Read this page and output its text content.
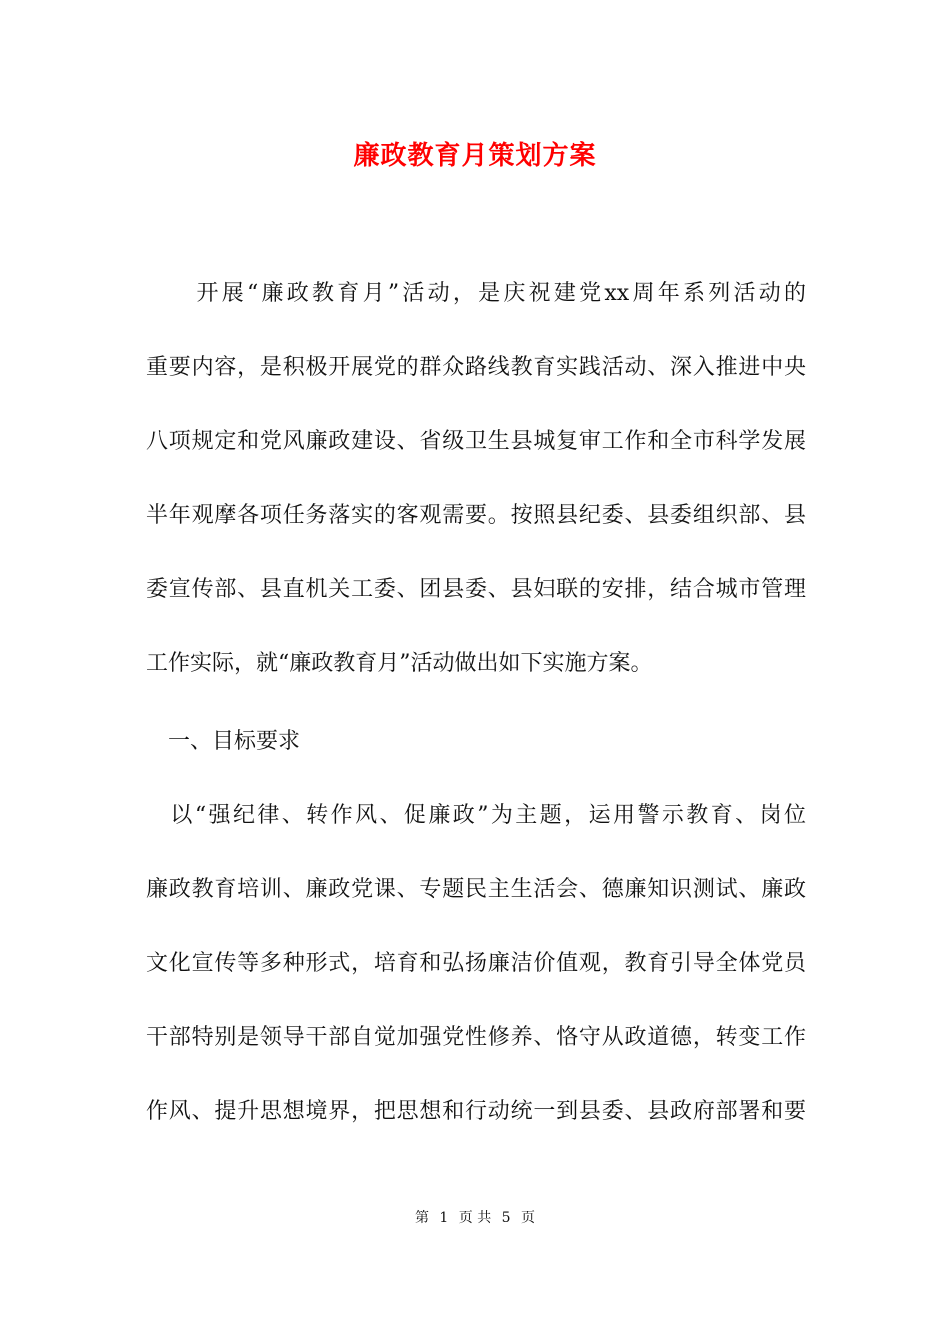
廉政教育月策划方案
　　开展“廉政教育月”活动，是庆祝建党xx周年系列活动的
重要内容，是积极开展党的群众路线教育实践活动、深入推进中央
八项规定和党风廉政建设、省级卫生县城复审工作和全市科学发展
半年观摩各项任务落实的客观需要。按照县纪委、县委组织部、县
委宣传部、县直机关工委、团县委、县妇联的安排，结合城市管理
工作实际，就“廉政教育月”活动做出如下实施方案。
　一、目标要求
　以“强纪律、转作风、促廉政”为主题，运用警示教育、岗位
廉政教育培训、廉政党课、专题民主生活会、德廉知识测试、廉政
文化宣传等多种形式，培育和弘扬廉洁价值观，教育引导全体党员
干部特别是领导干部自觉加强党性修养、恪守从政道德，转变工作
作风、提升思想境界，把思想和行动统一到县委、县政府部署和要
第 1 页 共 5 页
